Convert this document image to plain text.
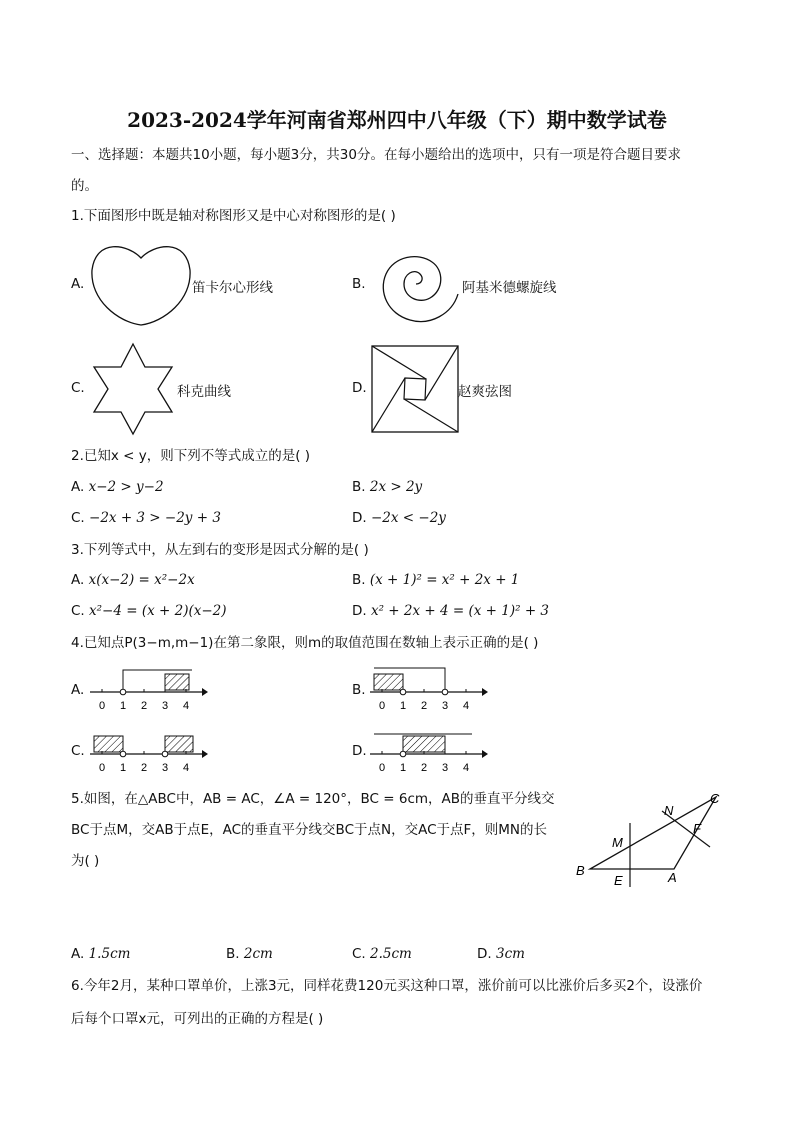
2023-2024学年河南省郑州四中八年级（下）期中数学试卷
一、选择题：本题共10小题，每小题3分，共30分。在每小题给出的选项中，只有一项是符合题目要求
的。
1.下面图形中既是轴对称图形又是中心对称图形的是( )
A.	笛卡尔心形线	B.	阿基米德螺旋线
C.	科克曲线	D.	赵爽弦图
2.已知x < y，则下列不等式成立的是( )
A. x−2 > y−2	B. 2x > 2y
C. −2x + 3 > −2y + 3	D. −2x < −2y
3.下列等式中，从左到右的变形是因式分解的是( )
A. x(x−2) = x²−2x	B. (x + 1)² = x² + 2x + 1
C. x²−4 = (x + 2)(x−2)	D. x² + 2x + 4 = (x + 1)² + 3
4.已知点P(3−m,m−1)在第二象限，则m的取值范围在数轴上表示正确的是( )
A.
0 1 2 3 4
B.
0 1 2 3 4
C.
0 1 2 3 4
D.
0 1 2 3 4
5.如图，在△ABC中，AB = AC，∠A = 120°，BC = 6cm，AB的垂直平分线交
BC于点M，交AB于点E，AC的垂直平分线交BC于点N，交AC于点F，则MN的长
为( )
C
N
F
M
B
E	A
A. 1.5cm	B. 2cm	C. 2.5cm	D. 3cm
6.今年2月，某种口罩单价，上涨3元，同样花费120元买这种口罩，涨价前可以比涨价后多买2个，设涨价
后每个口罩x元，可列出的正确的方程是( )
